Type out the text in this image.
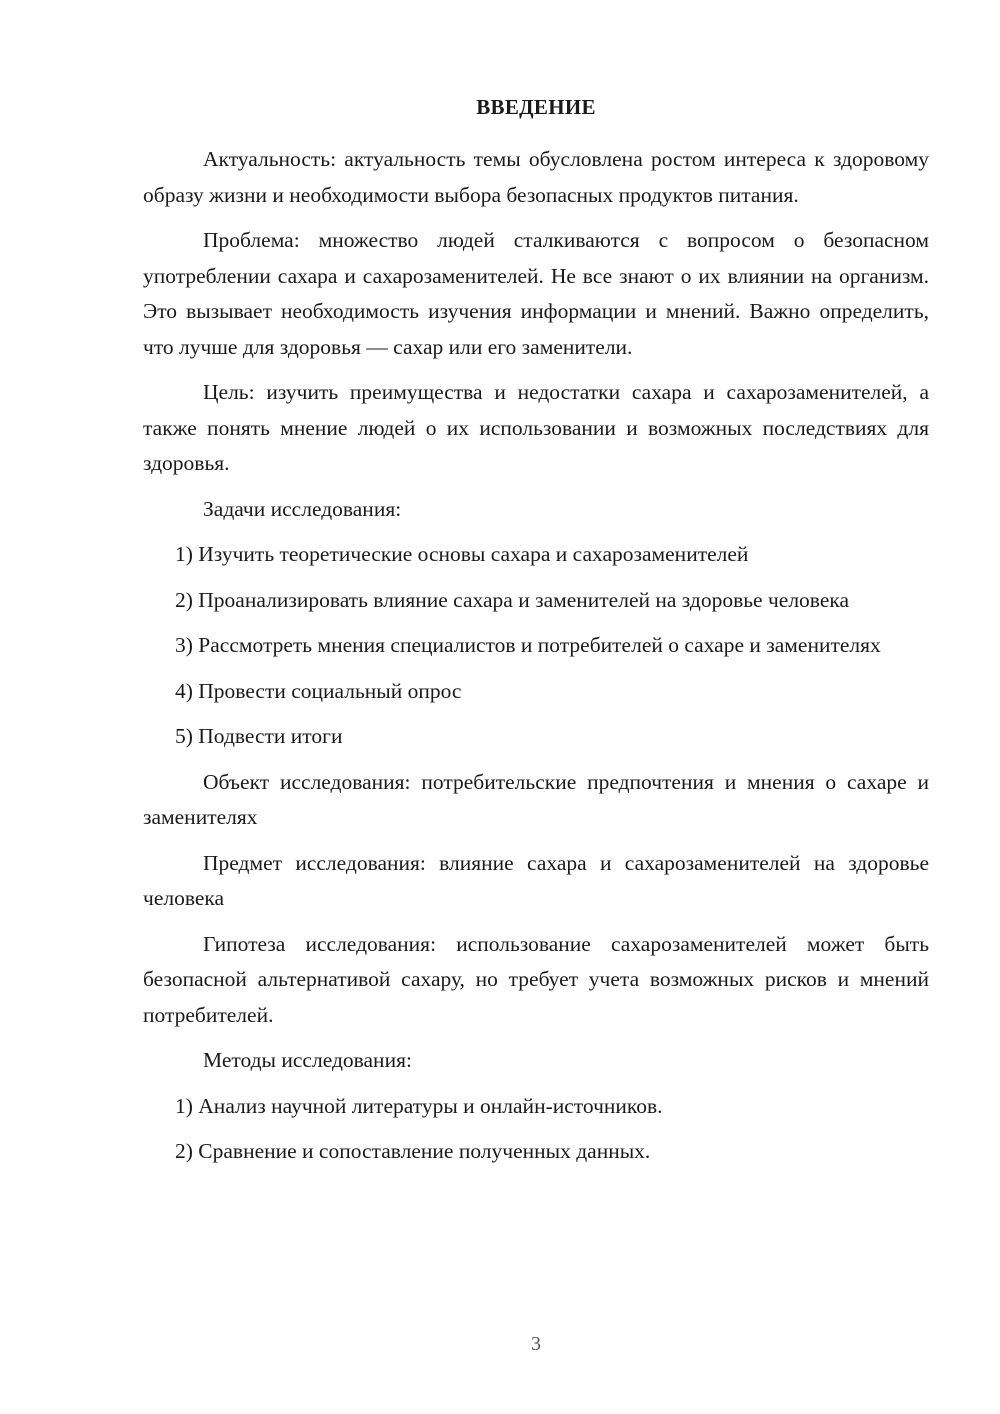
ВВЕДЕНИЕ

Актуальность: актуальность темы обусловлена ростом интереса к здоровому образу жизни и необходимости выбора безопасных продуктов питания.

Проблема: множество людей сталкиваются с вопросом о безопасном употреблении сахара и сахарозаменителей. Не все знают о их влиянии на организм. Это вызывает необходимость изучения информации и мнений. Важно определить, что лучше для здоровья — сахар или его заменители.

Цель: изучить преимущества и недостатки сахара и сахарозаменителей, а также понять мнение людей о их использовании и возможных последствиях для здоровья.

Задачи исследования:

1) Изучить теоретические основы сахара и сахарозаменителей

2) Проанализировать влияние сахара и заменителей на здоровье человека

3) Рассмотреть мнения специалистов и потребителей о сахаре и заменителях

4) Провести социальный опрос

5) Подвести итоги

Объект исследования: потребительские предпочтения и мнения о сахаре и заменителях

Предмет исследования: влияние сахара и сахарозаменителей на здоровье человека

Гипотеза исследования: использование сахарозаменителей может быть безопасной альтернативой сахару, но требует учета возможных рисков и мнений потребителей.

Методы исследования:

1) Анализ научной литературы и онлайн-источников.

2) Сравнение и сопоставление полученных данных.

3
